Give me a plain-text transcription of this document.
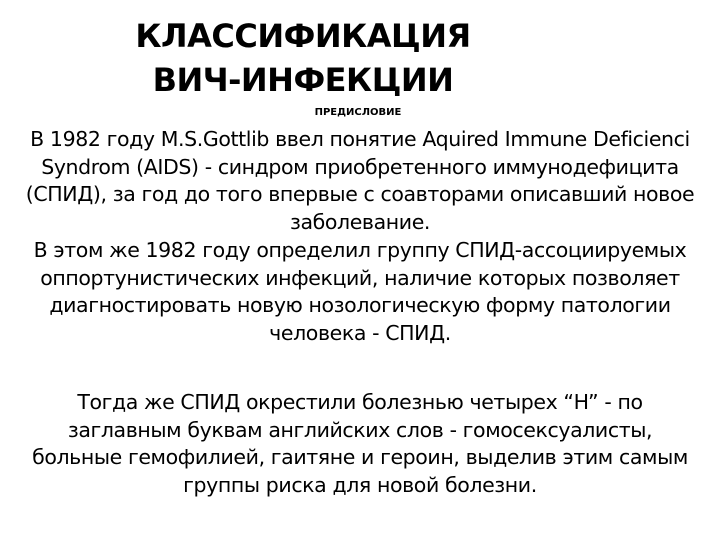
КЛАССИФИКАЦИЯ
ВИЧ-ИНФЕКЦИИ
ПРЕДИСЛОВИЕ
В 1982 году M.S.Gottlib ввел понятие Aquired Immune Deficienci Syndrom (AIDS) - синдром приобретенного иммунодефицита (СПИД), за год до того впервые с соавторами описавший новое заболевание.
В этом же 1982 году определил группу СПИД-ассоциируемых оппортунистических инфекций, наличие которых позволяет диагностировать новую нозологическую форму патологии человека - СПИД.
Тогда же СПИД окрестили болезнью четырех “H” - по заглавным буквам английских слов - гомосексуалисты, больные гемофилией, гаитяне и героин, выделив этим самым группы риска для новой болезни.
